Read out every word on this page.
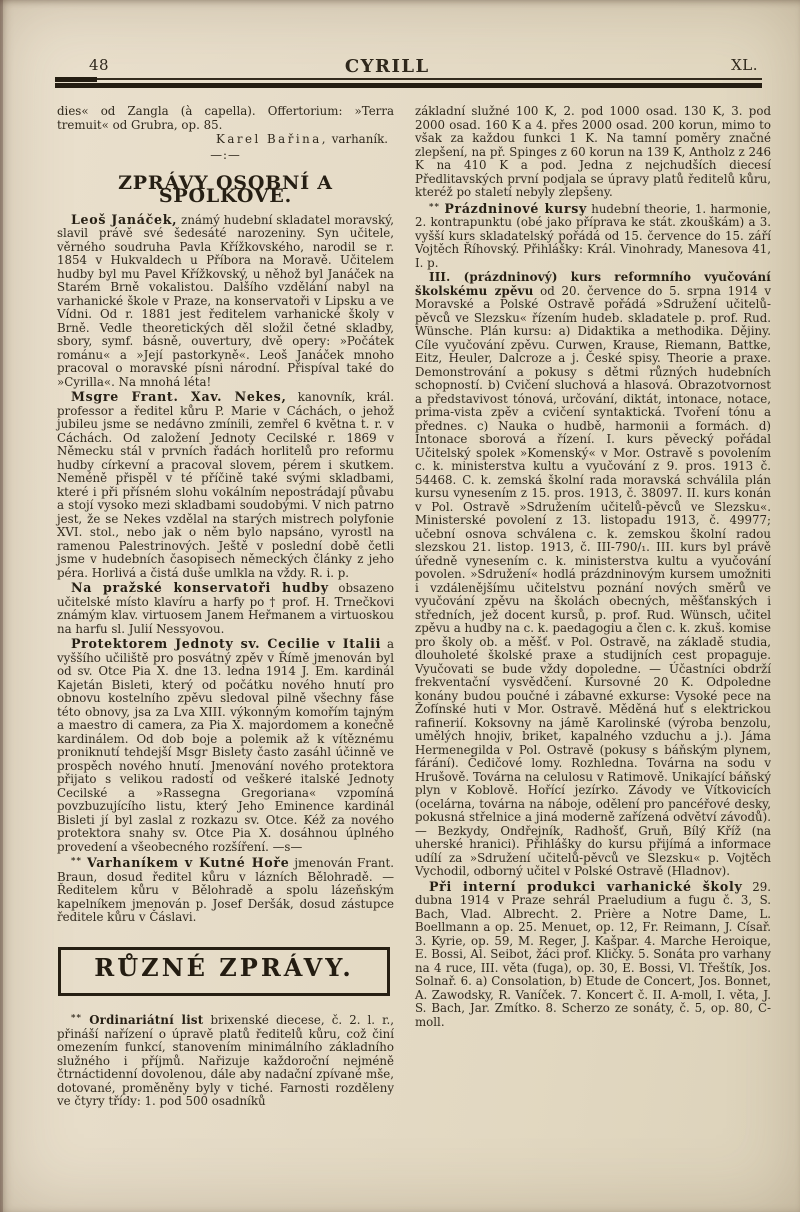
48	CYRILL	XL.

dies« od Zangla (à capella). Offertorium: »Terra tremuit« od Grubra, op. 85.

Karel Bařina, varhaník.
—:—
ZPRÁVY OSOBNÍ A SPOLKOVÉ.

Leoš Janáček, známý hudební skladatel moravský, slavil právě své šedesáté narozeniny. Syn učitele, věrného soudruha Pavla Křížkovského, narodil se r. 1854 v Hukvaldech u Příbora na Moravě. Učitelem hudby byl mu Pavel Křížkovský, u něhož byl Janáček na Starém Brně vokalistou. Dalšího vzdělání nabyl na varhanické škole v Praze, na konservatoři v Lipsku a ve Vídni. Od r. 1881 jest ředitelem varhanické školy v Brně. Vedle theoretických děl složil četné skladby, sbory, symf. básně, ouvertury, dvě opery: »Počátek románu« a »Její pastorkyně«. Leoš Janáček mnoho pracoval o moravské písni národní. Přispíval také do »Cyrilla«. Na mnohá léta!

Msgre Frant. Xav. Nekes, kanovník, král. professor a ředitel kůru P. Marie v Cáchách, o jehož jubileu jsme se nedávno zmínili, zemřel 6 května t. r. v Cáchách. Od založení Jednoty Cecilské r. 1869 v Německu stál v prvních řadách horlitelů pro reformu hudby církevní a pracoval slovem, pérem i skutkem. Neméně přispěl v té příčině také svými skladbami, které i při přísném slohu vokálním nepostrádají půvabu a stojí vysoko mezi skladbami soudobými. V nich patrno jest, že se Nekes vzdělal na starých mistrech polyfonie XVI. stol., nebo jak o něm bylo napsáno, vyrostl na ramenou Palestrinových. Ještě v poslední době četli jsme v hudebních časopisech německých články z jeho péra. Horlivá a čistá duše umlkla na vždy. R. i. p.

Na pražské konservatoři hudby obsazeno učitelské místo klavíru a harfy po † prof. H. Trnečkovi známým klav. virtuosem Janem Heřmanem a virtuoskou na harfu sl. Julií Nessyovou.

Protektorem Jednoty sv. Cecilie v Italii a vyššího učiliště pro posvátný zpěv v Římě jmenován byl od sv. Otce Pia X. dne 13. ledna 1914 J. Em. kardinál Kajetán Bisleti, který od počátku nového hnutí pro obnovu kostelního zpěvu sledoval pilně všechny fáse této obnovy, jsa za Lva XIII. výkonným komořím tajným a maestro di camera, za Pia X. majordomem a konečně kardinálem. Od dob boje a polemik až k vítěznému proniknutí tehdejší Msgr Bislety často zasáhl účinně ve prospěch nového hnutí. Jmenování nového protektora přijato s velikou radostí od veškeré italské Jednoty Cecilské a »Rassegna Gregoriana« vzpomíná povzbuzujícího listu, který Jeho Eminence kardinál Bisleti jí byl zaslal z rozkazu sv. Otce. Kéž za nového protektora snahy sv. Otce Pia X. dosáhnou úplného provedení a všeobecného rozšíření. —s—

** Varhaníkem v Kutné Hoře jmenován Frant. Braun, dosud ředitel kůru v lázních Bělohradě. — Ředitelem kůru v Bělohradě a spolu lázeňským kapelníkem jmenován p. Josef Deršák, dosud zástupce ředitele kůru v Čáslavi.

RŮZNÉ ZPRÁVY.

** Ordinariátní list brixenské diecese, č. 2. l. r., přináší nařízení o úpravě platů ředitelů kůru, což činí omezením funkcí, stanovením minimálního základního služného i příjmů. Nařizuje každoroční nejméně čtrnáctidenní dovolenou, dále aby nadační zpívané mše, dotované, proměněny byly v tiché. Farnosti rozděleny ve čtyry třídy: 1. pod 500 osadníků

základní služné 100 K, 2. pod 1000 osad. 130 K, 3. pod 2000 osad. 160 K a 4. přes 2000 osad. 200 korun, mimo to však za každou funkci 1 K. Na tamní poměry značné zlepšení, na př. Spinges z 60 korun na 139 K, Antholz z 246 K na 410 K a pod. Jedna z nejchudších diecesí Předlitavských první podjala se úpravy platů ředitelů kůru, kteréž po staletí nebyly zlepšeny.

** Prázdninové kursy hudební theorie, 1. harmonie, 2. kontrapunktu (obé jako příprava ke stát. zkouškám) a 3. vyšší kurs skladatelský pořádá od 15. července do 15. září Vojtěch Říhovský. Přihlášky: Král. Vinohrady, Manesova 41, I. p.

III. (prázdninový) kurs reformního vyučování školskému zpěvu od 20. července do 5. srpna 1914 v Moravské a Polské Ostravě pořádá »Sdružení učitelů-pěvců ve Slezsku« řízením hudeb. skladatele p. prof. Rud. Wünsche. Plán kursu: a) Didaktika a methodika. Dějiny. Cíle vyučování zpěvu. Curwen, Krause, Riemann, Battke, Eitz, Heuler, Dalcroze a j. České spisy. Theorie a praxe. Demonstrování a pokusy s dětmi různých hudebních schopností. b) Cvičení sluchová a hlasová. Obrazotvornost a představivost tónová, určování, diktát, intonace, notace, prima-vista zpěv a cvičení syntaktická. Tvoření tónu a přednes. c) Nauka o hudbě, harmonii a formách. d) Intonace sborová a řízení. I. kurs pěvecký pořádal Učitelský spolek »Komenský« v Mor. Ostravě s povolením c. k. ministerstva kultu a vyučování z 9. pros. 1913 č. 54468. C. k. zemská školní rada moravská schválila plán kursu vynesením z 15. pros. 1913, č. 38097. II. kurs konán v Pol. Ostravě »Sdružením učitelů-pěvců ve Slezsku«. Ministerské povolení z 13. listopadu 1913, č. 49977; učební osnova schválena c. k. zemskou školní radou slezskou 21. listop. 1913, č. III-790/₁. III. kurs byl právě úředně vynesením c. k. ministerstva kultu a vyučování povolen. »Sdružení« hodlá prázdninovým kursem umožniti i vzdálenějšímu učitelstvu poznání nových směrů ve vyučování zpěvu na školách obecných, měšťanských i středních, jež docent kursů, p. prof. Rud. Wünsch, učitel zpěvu a hudby na c. k. paedagogiu a člen c. k. zkuš. komise pro školy ob. a měšť. v Pol. Ostravě, na základě studia, dlouholeté školské praxe a studijních cest propaguje. Vyučovati se bude vždy dopoledne. — Účastníci obdrží frekventační vysvědčení. Kursovné 20 K. Odpoledne konány budou poučné i zábavné exkurse: Vysoké pece na Žofínské huti v Mor. Ostravě. Měděná huť s elektrickou rafinerií. Koksovny na jámě Karolinské (výroba benzolu, umělých hnojiv, briket, kapalného vzduchu a j.). Jáma Hermenegilda v Pol. Ostravě (pokusy s báňským plynem, fárání). Čedičové lomy. Rozhledna. Továrna na sodu v Hrušově. Továrna na celulosu v Ratimově. Unikající báňský plyn v Koblově. Hořící jezírko. Závody ve Vítkovicích (ocelárna, továrna na náboje, odělení pro pancéřové desky, pokusná střelnice a jiná moderně zařízená odvětví závodů). — Bezkydy, Ondřejník, Radhošť, Gruň, Bílý Kříž (na uherské hranici). Přihlášky do kursu přijímá a informace udílí za »Sdružení učitelů-pěvců ve Slezsku« p. Vojtěch Vychodil, odborný učitel v Polské Ostravě (Hladnov).

Při interní produkci varhanické školy 29. dubna 1914 v Praze sehrál Praeludium a fugu č. 3, S. Bach, Vlad. Albrecht. 2. Prière a Notre Dame, L. Boellmann a op. 25. Menuet, op. 12, Fr. Reimann, J. Císař. 3. Kyrie, op. 59, M. Reger, J. Kašpar. 4. Marche Heroique, E. Bossi, Al. Seibot, žáci prof. Kličky. 5. Sonáta pro varhany na 4 ruce, III. věta (fuga), op. 30, E. Bossi, Vl. Třeštík, Jos. Solnař. 6. a) Consolation, b) Etude de Concert, Jos. Bonnet, A. Zawodsky, R. Vaníček. 7. Koncert č. II. A-moll, I. věta, J. S. Bach, Jar. Zmítko. 8. Scherzo ze sonáty, č. 5, op. 80, C-moll.
